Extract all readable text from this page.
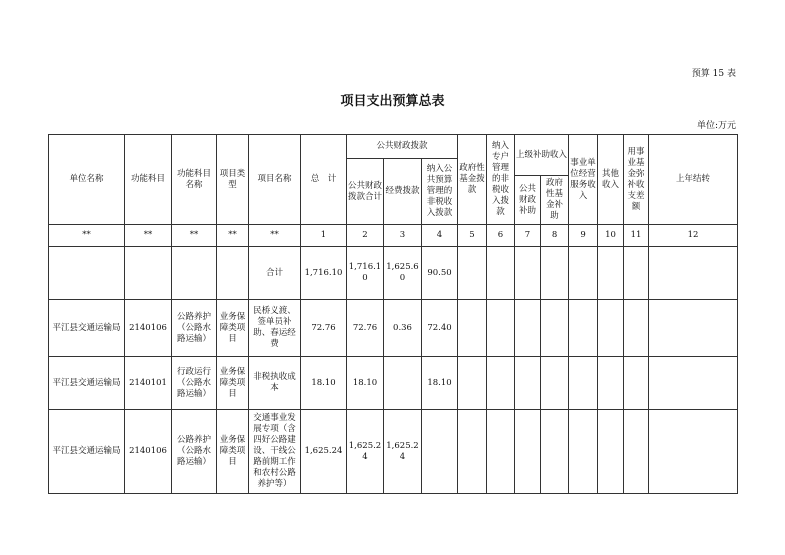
预算 15 表
项目支出预算总表
单位:万元
单位名称	功能科目	功能科目名称	项目类型	项目名称	总　计	公共财政拨款			政府性基金拨款	纳入专户管理的非税收入拨款	上级补助收入		事业单位经营服务收入	其他收入	用事业基金弥补收支差额	上年结转
						公共财政拨款合计	经费拨款	纳入公共预算管理的非税收入拨款								
											公共财政补助	政府性基金补助				
**	**	**	**	**	1	2	3	4	5	6	7	8	9	10	11	12
				合计	1,716.10	1,716.10	1,625.60	90.50								
平江县交通运输局	2140106	公路养护（公路水路运输）	业务保障类项目	民桥义渡、签单员补助、春运经费	72.76	72.76	0.36	72.40								
平江县交通运输局	2140101	行政运行（公路水路运输）	业务保障类项目	非税执收成本	18.10	18.10		18.10								
平江县交通运输局	2140106	公路养护（公路水路运输）	业务保障类项目	交通事业发展专项（含四好公路建设、干线公路前期工作和农村公路养护等）	1,625.24	1,625.24	1,625.24									
